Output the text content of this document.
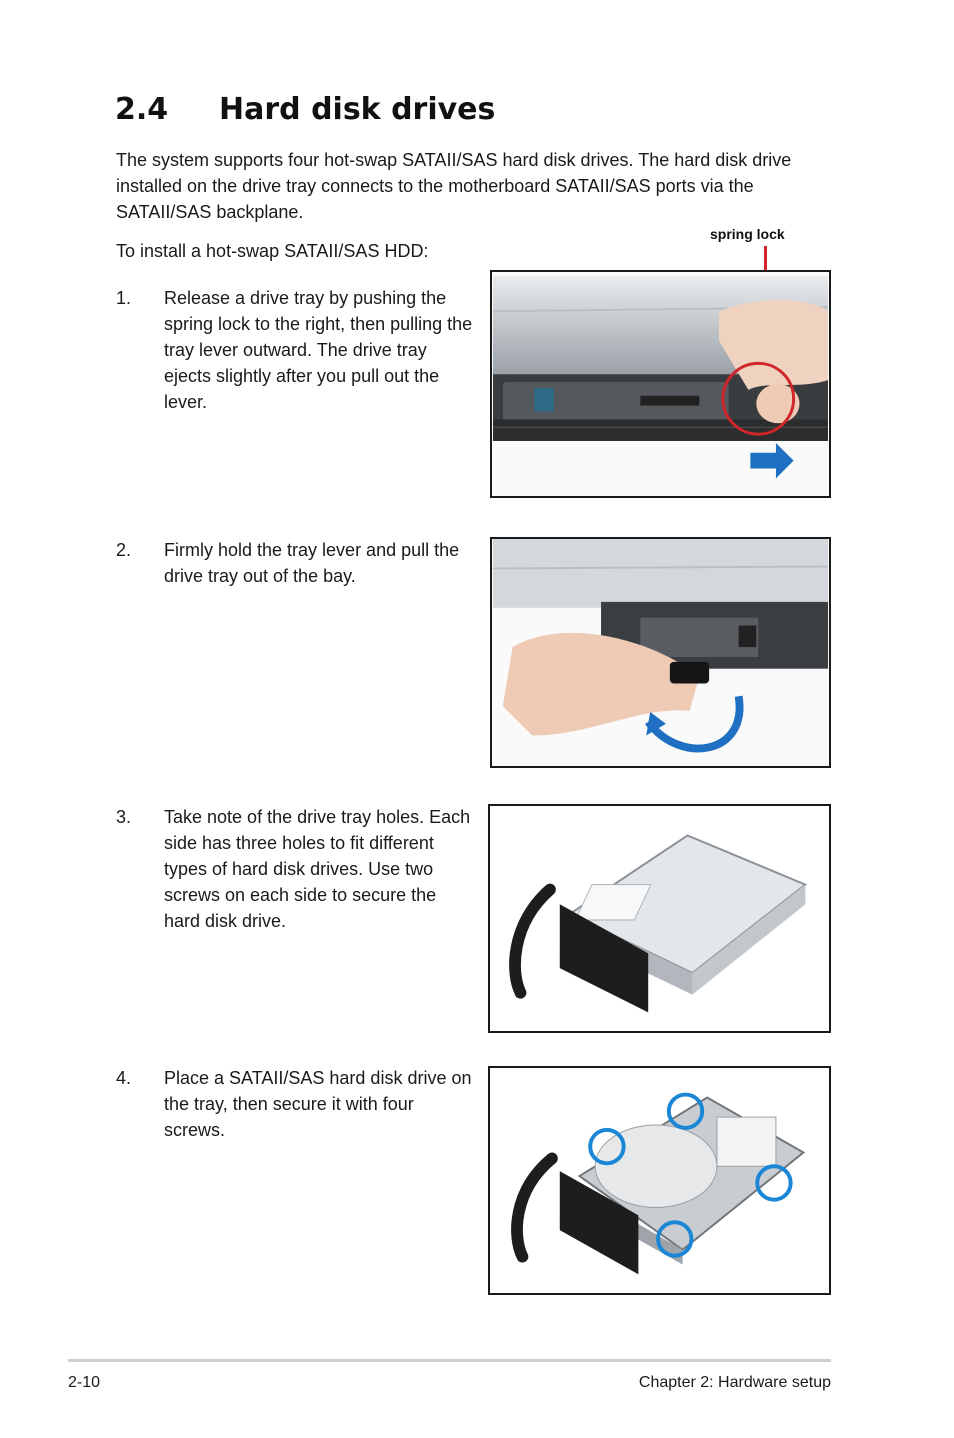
2.4 Hard disk drives

The system supports four hot-swap SATAII/SAS hard disk drives. The hard disk drive installed on the drive tray connects to the motherboard SATAII/SAS ports via the SATAII/SAS backplane.

To install a hot-swap SATAII/SAS HDD:

1. Release a drive tray by pushing the spring lock to the right, then pulling the tray lever outward. The drive tray ejects slightly after you pull out the lever.
2. Firmly hold the tray lever and pull the drive tray out of the bay.
3. Take note of the drive tray holes. Each side has three holes to fit different types of hard disk drives. Use two screws on each side to secure the hard disk drive.
4. Place a SATAII/SAS hard disk drive on the tray, then secure it with four screws.
spring lock
2-10	Chapter 2: Hardware setup
